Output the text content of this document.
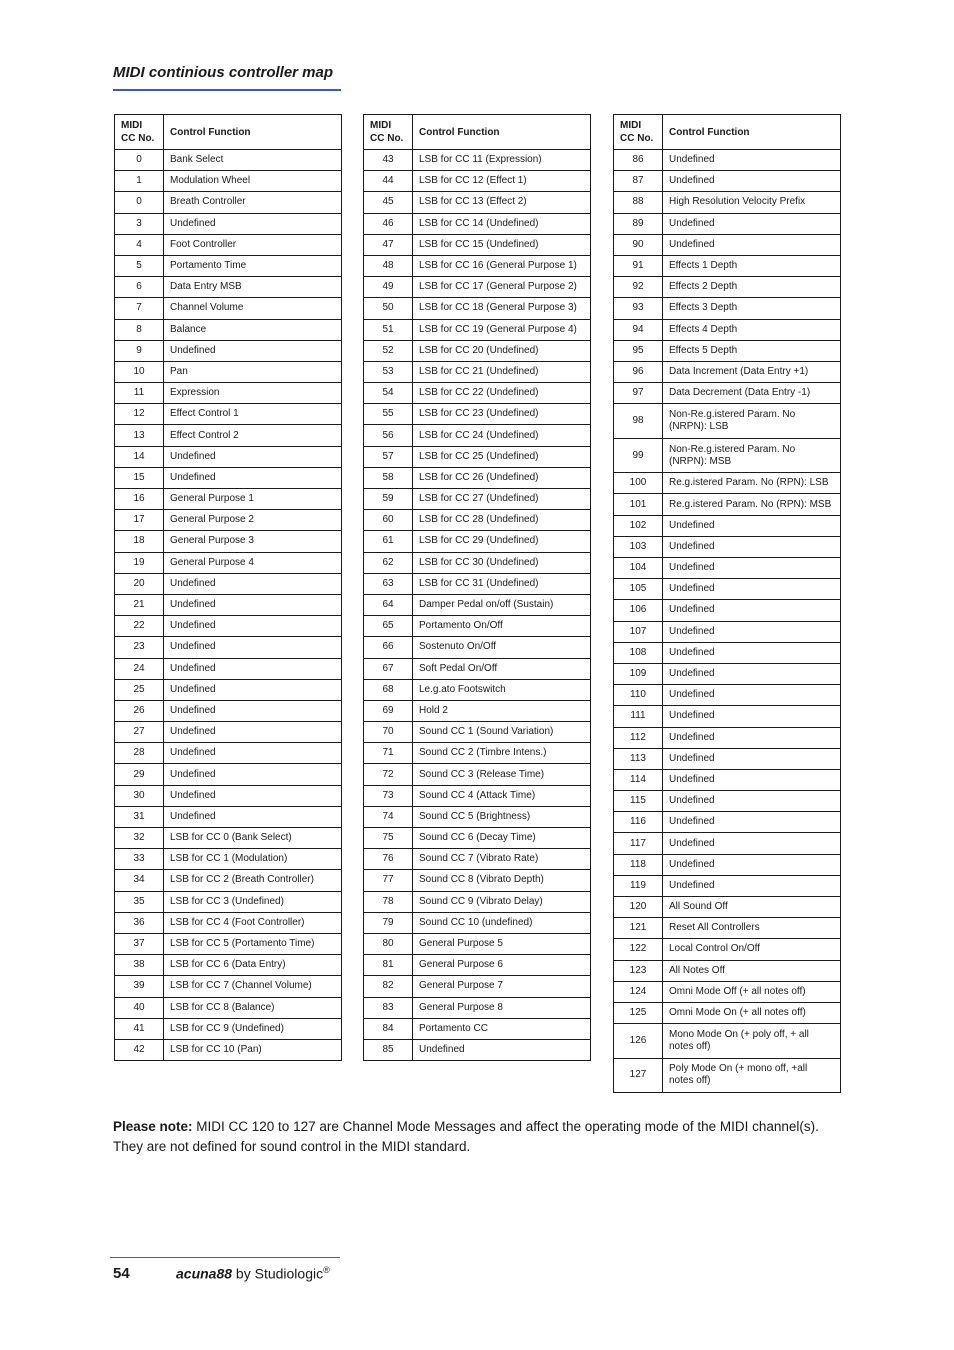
MIDI continious controller map
MIDI
CC No.	Control Function
0	Bank Select
1	Modulation Wheel
0	Breath Controller
3	Undefined
4	Foot Controller
5	Portamento Time
6	Data Entry MSB
7	Channel Volume
8	Balance
9	Undefined
10	Pan
11	Expression
12	Effect Control 1
13	Effect Control 2
14	Undefined
15	Undefined
16	General Purpose 1
17	General Purpose 2
18	General Purpose 3
19	General Purpose 4
20	Undefined
21	Undefined
22	Undefined
23	Undefined
24	Undefined
25	Undefined
26	Undefined
27	Undefined
28	Undefined
29	Undefined
30	Undefined
31	Undefined
32	LSB for CC 0 (Bank Select)
33	LSB for CC 1 (Modulation)
34	LSB for CC 2 (Breath Controller)
35	LSB for CC 3 (Undefined)
36	LSB for CC 4 (Foot Controller)
37	LSB for CC 5 (Portamento Time)
38	LSB for CC 6 (Data Entry)
39	LSB for CC 7 (Channel Volume)
40	LSB for CC 8 (Balance)
41	LSB for CC 9 (Undefined)
42	LSB for CC 10 (Pan)
MIDI
CC No.	Control Function
43	LSB for CC 11 (Expression)
44	LSB for CC 12 (Effect 1)
45	LSB for CC 13 (Effect 2)
46	LSB for CC 14 (Undefined)
47	LSB for CC 15 (Undefined)
48	LSB for CC 16 (General Purpose 1)
49	LSB for CC 17 (General Purpose 2)
50	LSB for CC 18 (General Purpose 3)
51	LSB for CC 19 (General Purpose 4)
52	LSB for CC 20 (Undefined)
53	LSB for CC 21 (Undefined)
54	LSB for CC 22 (Undefined)
55	LSB for CC 23 (Undefined)
56	LSB for CC 24 (Undefined)
57	LSB for CC 25 (Undefined)
58	LSB for CC 26 (Undefined)
59	LSB for CC 27 (Undefined)
60	LSB for CC 28 (Undefined)
61	LSB for CC 29 (Undefined)
62	LSB for CC 30 (Undefined)
63	LSB for CC 31 (Undefined)
64	Damper Pedal on/off (Sustain)
65	Portamento On/Off
66	Sostenuto On/Off
67	Soft Pedal On/Off
68	Le.g.ato Footswitch
69	Hold 2
70	Sound CC 1 (Sound Variation)
71	Sound CC 2 (Timbre Intens.)
72	Sound CC 3 (Release Time)
73	Sound CC 4 (Attack Time)
74	Sound CC 5 (Brightness)
75	Sound CC 6 (Decay Time)
76	Sound CC 7 (Vibrato Rate)
77	Sound CC 8 (Vibrato Depth)
78	Sound CC 9 (Vibrato Delay)
79	Sound CC 10 (undefined)
80	General Purpose 5
81	General Purpose 6
82	General Purpose 7
83	General Purpose 8
84	Portamento CC
85	Undefined
MIDI
CC No.	Control Function
86	Undefined
87	Undefined
88	High Resolution Velocity Prefix
89	Undefined
90	Undefined
91	Effects 1 Depth
92	Effects 2 Depth
93	Effects 3 Depth
94	Effects 4 Depth
95	Effects 5 Depth
96	Data Increment (Data Entry +1)
97	Data Decrement (Data Entry -1)
98	Non-Re.g.istered Param. No (NRPN): LSB
99	Non-Re.g.istered Param. No (NRPN): MSB
100	Re.g.istered Param. No (RPN): LSB
101	Re.g.istered Param. No (RPN): MSB
102	Undefined
103	Undefined
104	Undefined
105	Undefined
106	Undefined
107	Undefined
108	Undefined
109	Undefined
110	Undefined
111	Undefined
112	Undefined
113	Undefined
114	Undefined
115	Undefined
116	Undefined
117	Undefined
118	Undefined
119	Undefined
120	All Sound Off
121	Reset All Controllers
122	Local Control On/Off
123	All Notes Off
124	Omni Mode Off (+ all notes off)
125	Omni Mode On (+ all notes off)
126	Mono Mode On (+ poly off, + all notes off)
127	Poly Mode On (+ mono off, +all notes off)
Please note: MIDI CC 120 to 127 are Channel Mode Messages and affect the operating mode of the MIDI channel(s). They are not defined for sound control in the MIDI standard.
54	acuna88 by Studiologic®
